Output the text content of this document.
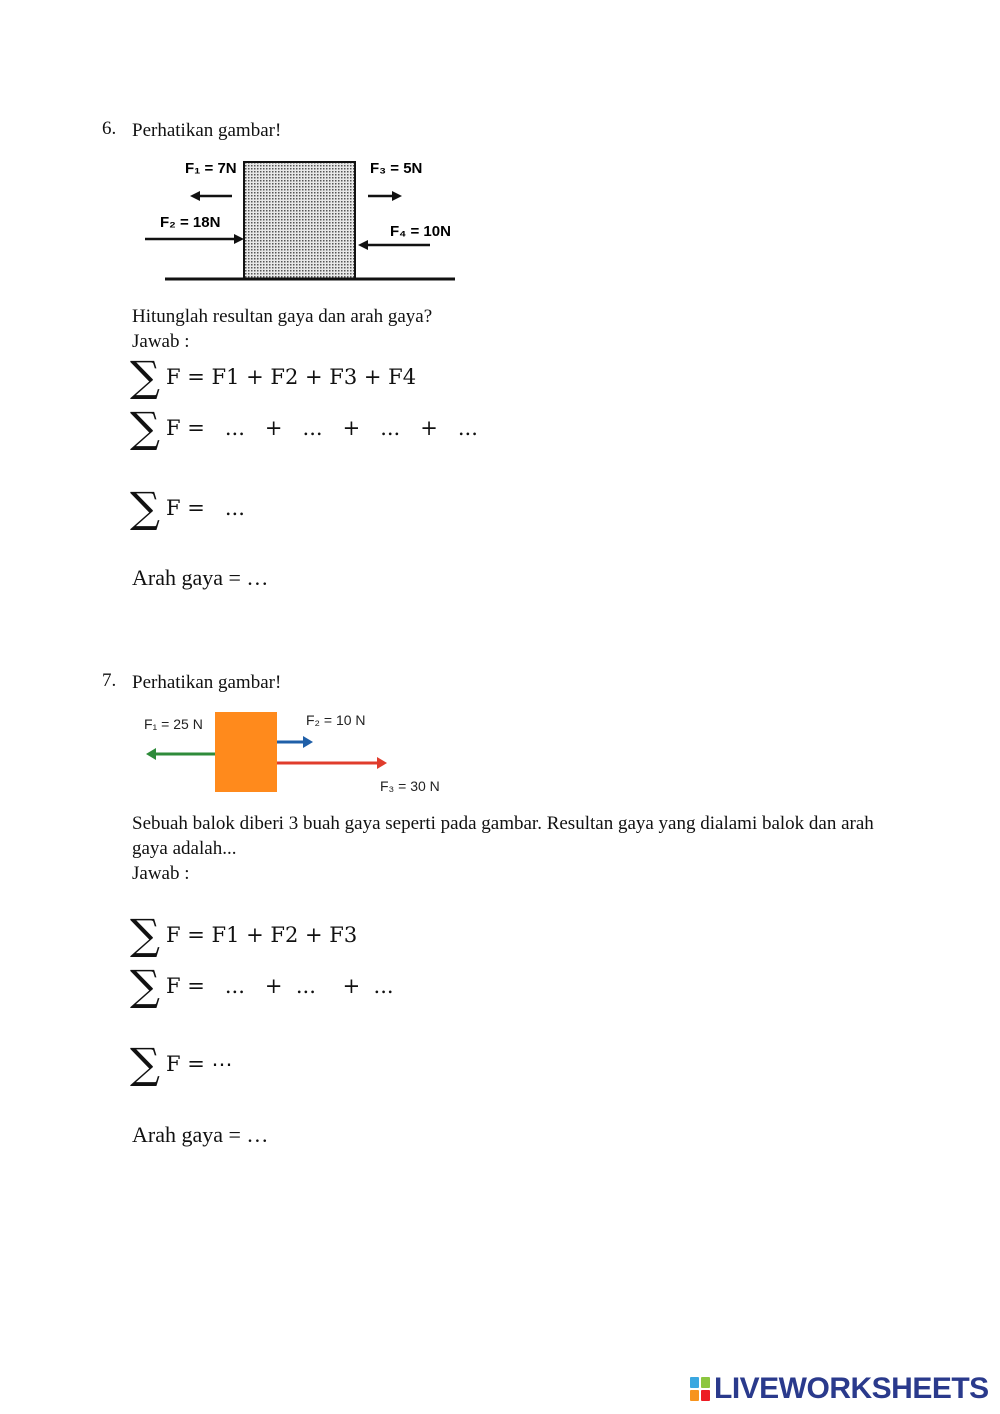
6. Perhatikan gambar!
F₁ = 7N	F₃ = 5N
F₂ = 18N
F₄ = 10N
Hitunglah resultan gaya dan arah gaya?
Jawab :
∑ F = F1 + F2 + F3 + F4
∑ F =   ...   +   ...   +   ...   +   ...
∑ F =   ...
Arah gaya = …
7. Perhatikan gambar!
F₁ = 25 N	F₂ = 10 N
F₃ = 30 N
Sebuah balok diberi 3 buah gaya seperti pada gambar. Resultan gaya yang dialami balok dan arah gaya adalah...
Jawab :
∑ F = F1 + F2 + F3
∑ F =   ...   +  ...    +  ...
∑ F = ⋯
Arah gaya = …
LIVEWORKSHEETS
